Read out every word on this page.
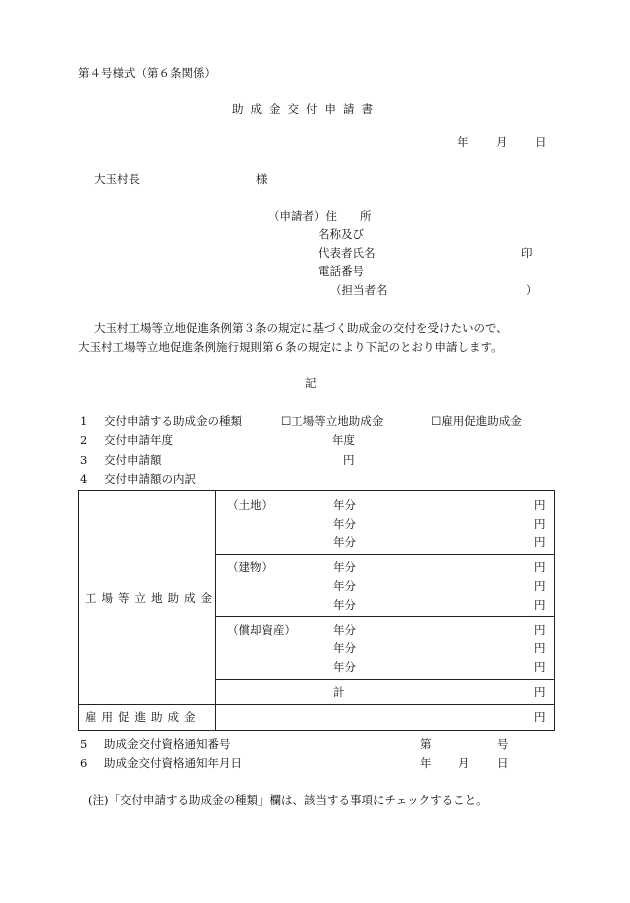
第４号様式（第６条関係）
助成金交付申請書
年 月 日
大玉村長	様
（申請者）住　　所
名称及び
代表者氏名	印
電話番号
（担当者名	）
大玉村工場等立地促進条例第３条の規定に基づく助成金の交付を受けたいので、
大玉村工場等立地促進条例施行規則第６条の規定により下記のとおり申請します。
記
1 交付申請する助成金の種類	☐工場等立地助成金	☐雇用促進助成金
2 交付申請年度	年度
3 交付申請額	円
4 交付申請額の内訳
工場等立地助成金
（土地）	年分	円
年分	円
年分	円
（建物）	年分	円
年分	円
年分	円
（償却資産）	年分	円
年分	円
年分	円
計	円
雇用促進助成金	円
5 助成金交付資格通知番号	第	号
6 助成金交付資格通知年月日	年 月 日
(注)「交付申請する助成金の種類」欄は、該当する事項にチェックすること。
